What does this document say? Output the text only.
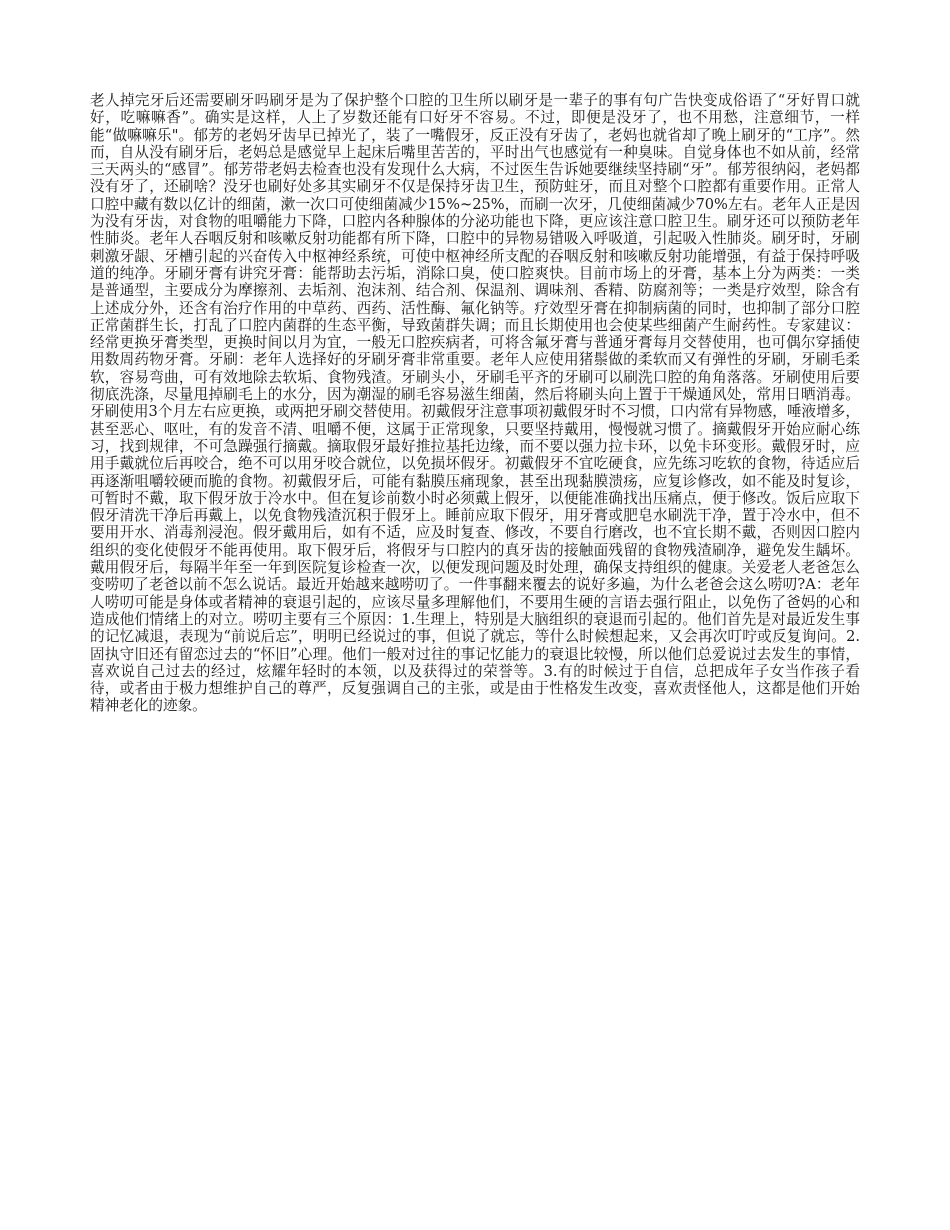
老人掉完牙后还需要刷牙吗刷牙是为了保护整个口腔的卫生所以刷牙是一辈子的事有句广告快变成俗语了“牙好胃口就好，吃嘛嘛香”。确实是这样，人上了岁数还能有口好牙不容易。不过，即便是没牙了，也不用愁，注意细节，一样能“做嘛嘛乐"。郁芳的老妈牙齿早已掉光了，装了一嘴假牙，反正没有牙齿了，老妈也就省却了晚上刷牙的“工序”。然而，自从没有刷牙后，老妈总是感觉早上起床后嘴里苦苦的，平时出气也感觉有一种臭味。自觉身体也不如从前，经常三天两头的“感冒”。郁芳带老妈去检查也没有发现什么大病，不过医生告诉她要继续坚持刷“牙”。郁芳很纳闷，老妈都没有牙了，还刷啥？没牙也刷好处多其实刷牙不仅是保持牙齿卫生，预防蛀牙，而且对整个口腔都有重要作用。正常人口腔中藏有数以亿计的细菌，漱一次口可使细菌减少15%~25%，而刷一次牙，几使细菌减少70%左右。老年人正是因为没有牙齿，对食物的咀嚼能力下降，口腔内各种腺体的分泌功能也下降，更应该注意口腔卫生。刷牙还可以预防老年性肺炎。老年人吞咽反射和咳嗽反射功能都有所下降，口腔中的异物易错吸入呼吸道，引起吸入性肺炎。刷牙时，牙刷刺激牙龈、牙槽引起的兴奋传入中枢神经系统，可使中枢神经所支配的吞咽反射和咳嗽反射功能增强，有益于保持呼吸道的纯净。牙刷牙膏有讲究牙膏：能帮助去污垢，消除口臭，使口腔爽快。目前市场上的牙膏，基本上分为两类：一类是普通型，主要成分为摩擦剂、去垢剂、泡沫剂、结合剂、保温剂、调味剂、香精、防腐剂等；一类是疗效型，除含有上述成分外，还含有治疗作用的中草药、西药、活性酶、氟化钠等。疗效型牙膏在抑制病菌的同时，也抑制了部分口腔正常菌群生长，打乱了口腔内菌群的生态平衡，导致菌群失调；而且长期使用也会使某些细菌产生耐药性。专家建议：经常更换牙膏类型，更换时间以月为宜，一般无口腔疾病者，可将含氟牙膏与普通牙膏每月交替使用，也可偶尔穿插使用数周药物牙膏。牙刷：老年人选择好的牙刷牙膏非常重要。老年人应使用猪鬃做的柔软而又有弹性的牙刷，牙刷毛柔软，容易弯曲，可有效地除去软垢、食物残渣。牙刷头小，牙刷毛平齐的牙刷可以刷洗口腔的角角落落。牙刷使用后要彻底洗涤，尽量甩掉刷毛上的水分，因为潮湿的刷毛容易滋生细菌，然后将刷头向上置于干燥通风处，常用日晒消毒。牙刷使用3个月左右应更换，或两把牙刷交替使用。初戴假牙注意事项初戴假牙时不习惯，口内常有异物感，唾液增多，甚至恶心、呕吐，有的发音不清、咀嚼不便，这属于正常现象，只要坚持戴用，慢慢就习惯了。摘戴假牙开始应耐心练习，找到规律，不可急躁强行摘戴。摘取假牙最好推拉基托边缘，而不要以强力拉卡环，以免卡环变形。戴假牙时，应用手戴就位后再咬合，绝不可以用牙咬合就位，以免损坏假牙。初戴假牙不宜吃硬食，应先练习吃软的食物，待适应后再逐渐咀嚼较硬而脆的食物。初戴假牙后，可能有黏膜压痛现象，甚至出现黏膜溃疡，应复诊修改，如不能及时复诊，可暂时不戴，取下假牙放于冷水中。但在复诊前数小时必须戴上假牙，以便能准确找出压痛点，便于修改。饭后应取下假牙清洗干净后再戴上，以免食物残渣沉积于假牙上。睡前应取下假牙，用牙膏或肥皂水刷洗干净，置于冷水中，但不要用开水、消毒剂浸泡。假牙戴用后，如有不适，应及时复查、修改，不要自行磨改，也不宜长期不戴，否则因口腔内组织的变化使假牙不能再使用。取下假牙后，将假牙与口腔内的真牙齿的接触面残留的食物残渣刷净，避免发生龋坏。戴用假牙后，每隔半年至一年到医院复诊检查一次，以便发现问题及时处理，确保支持组织的健康。关爱老人老爸怎么变唠叨了老爸以前不怎么说话。最近开始越来越唠叨了。一件事翻来覆去的说好多遍，为什么老爸会这么唠叨?A：老年人唠叨可能是身体或者精神的衰退引起的，应该尽量多理解他们，不要用生硬的言语去强行阻止，以免伤了爸妈的心和造成他们情绪上的对立。唠叨主要有三个原因：1.生理上，特别是大脑组织的衰退而引起的。他们首先是对最近发生事的记忆减退，表现为“前说后忘”，明明已经说过的事，但说了就忘，等什么时候想起来，又会再次叮咛或反复询问。2.固执守旧还有留恋过去的“怀旧”心理。他们一般对过往的事记忆能力的衰退比较慢，所以他们总爱说过去发生的事情，喜欢说自己过去的经过，炫耀年轻时的本领，以及获得过的荣誉等。3.有的时候过于自信，总把成年子女当作孩子看待，或者由于极力想维护自己的尊严，反复强调自己的主张，或是由于性格发生改变，喜欢责怪他人，这都是他们开始精神老化的迹象。
